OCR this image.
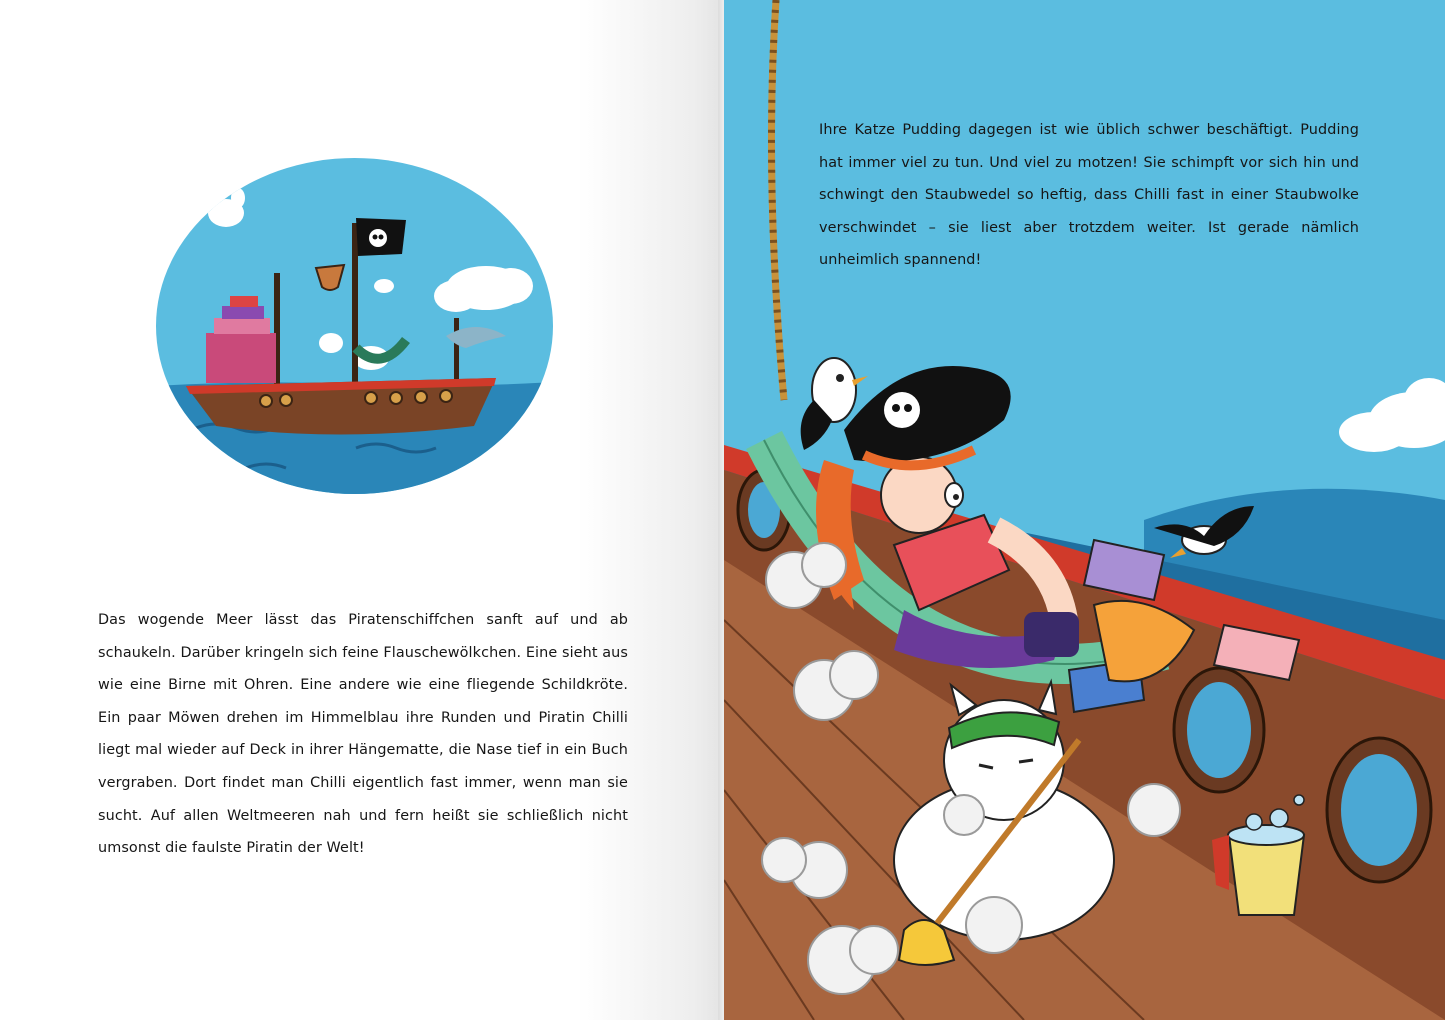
Das wogende Meer lässt das Piratenschiffchen sanft auf und ab schaukeln. Darüber kringeln sich feine Flauschewölkchen. Eine sieht aus wie eine Birne mit Ohren. Eine andere wie eine fliegende Schildkröte. Ein paar Möwen drehen im Himmelblau ihre Runden und Piratin Chilli liegt mal wieder auf Deck in ihrer Hängematte, die Nase tief in ein Buch vergraben. Dort findet man Chilli eigentlich fast immer, wenn man sie sucht. Auf allen Weltmeeren nah und fern heißt sie schließlich nicht umsonst die faulste Piratin der Welt!

Ihre Katze Pudding dagegen ist wie üblich schwer beschäftigt. Pudding hat immer viel zu tun. Und viel zu motzen! Sie schimpft vor sich hin und schwingt den Staubwedel so heftig, dass Chilli fast in einer Staubwolke verschwindet – sie liest aber trotzdem weiter. Ist gerade nämlich unheimlich spannend!
